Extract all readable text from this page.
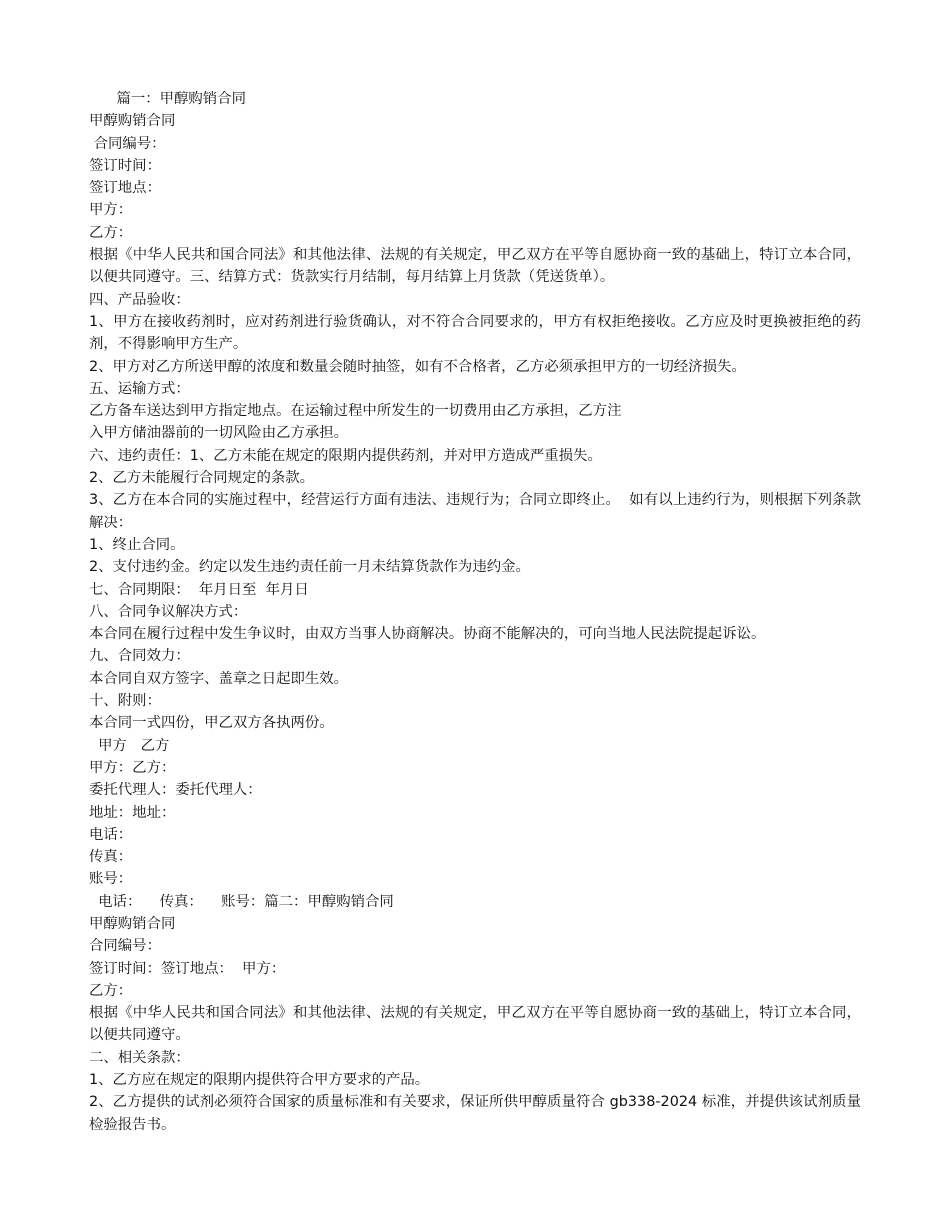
篇一：甲醇购销合同
甲醇购销合同
合同编号：
签订时间：
签订地点：
甲方：
乙方：
根据《中华人民共和国合同法》和其他法律、法规的有关规定，甲乙双方在平等自愿协商一致的基础上，特订立本合同，以便共同遵守。三、结算方式：货款实行月结制，每月结算上月货款（凭送货单）。
四、产品验收：
1、甲方在接收药剂时，应对药剂进行验货确认，对不符合合同要求的，甲方有权拒绝接收。乙方应及时更换被拒绝的药剂，不得影响甲方生产。
2、甲方对乙方所送甲醇的浓度和数量会随时抽签，如有不合格者，乙方必须承担甲方的一切经济损失。
五、运输方式：
乙方备车送达到甲方指定地点。在运输过程中所发生的一切费用由乙方承担，乙方注
入甲方储油器前的一切风险由乙方承担。
六、违约责任：1、乙方未能在规定的限期内提供药剂，并对甲方造成严重损失。
2、乙方未能履行合同规定的条款。
3、乙方在本合同的实施过程中，经营运行方面有违法、违规行为；合同立即终止。  如有以上违约行为，则根据下列条款解决：
1、终止合同。
2、支付违约金。约定以发生违约责任前一月未结算货款作为违约金。
七、合同期限：  年月日至  年月日
八、合同争议解决方式：
本合同在履行过程中发生争议时，由双方当事人协商解决。协商不能解决的，可向当地人民法院提起诉讼。
九、合同效力：
本合同自双方签字、盖章之日起即生效。
十、附则：
本合同一式四份，甲乙双方各执两份。
甲方   乙方
甲方：乙方：
委托代理人：委托代理人：
地址：地址：
电话：
传真：
账号：
电话：    传真：    账号：篇二：甲醇购销合同
甲醇购销合同
合同编号：
签订时间：签订地点：  甲方：
乙方：
根据《中华人民共和国合同法》和其他法律、法规的有关规定，甲乙双方在平等自愿协商一致的基础上，特订立本合同，以便共同遵守。
二、相关条款：
1、乙方应在规定的限期内提供符合甲方要求的产品。
2、乙方提供的试剂必须符合国家的质量标准和有关要求，保证所供甲醇质量符合 gb338-2024 标准，并提供该试剂质量检验报告书。
